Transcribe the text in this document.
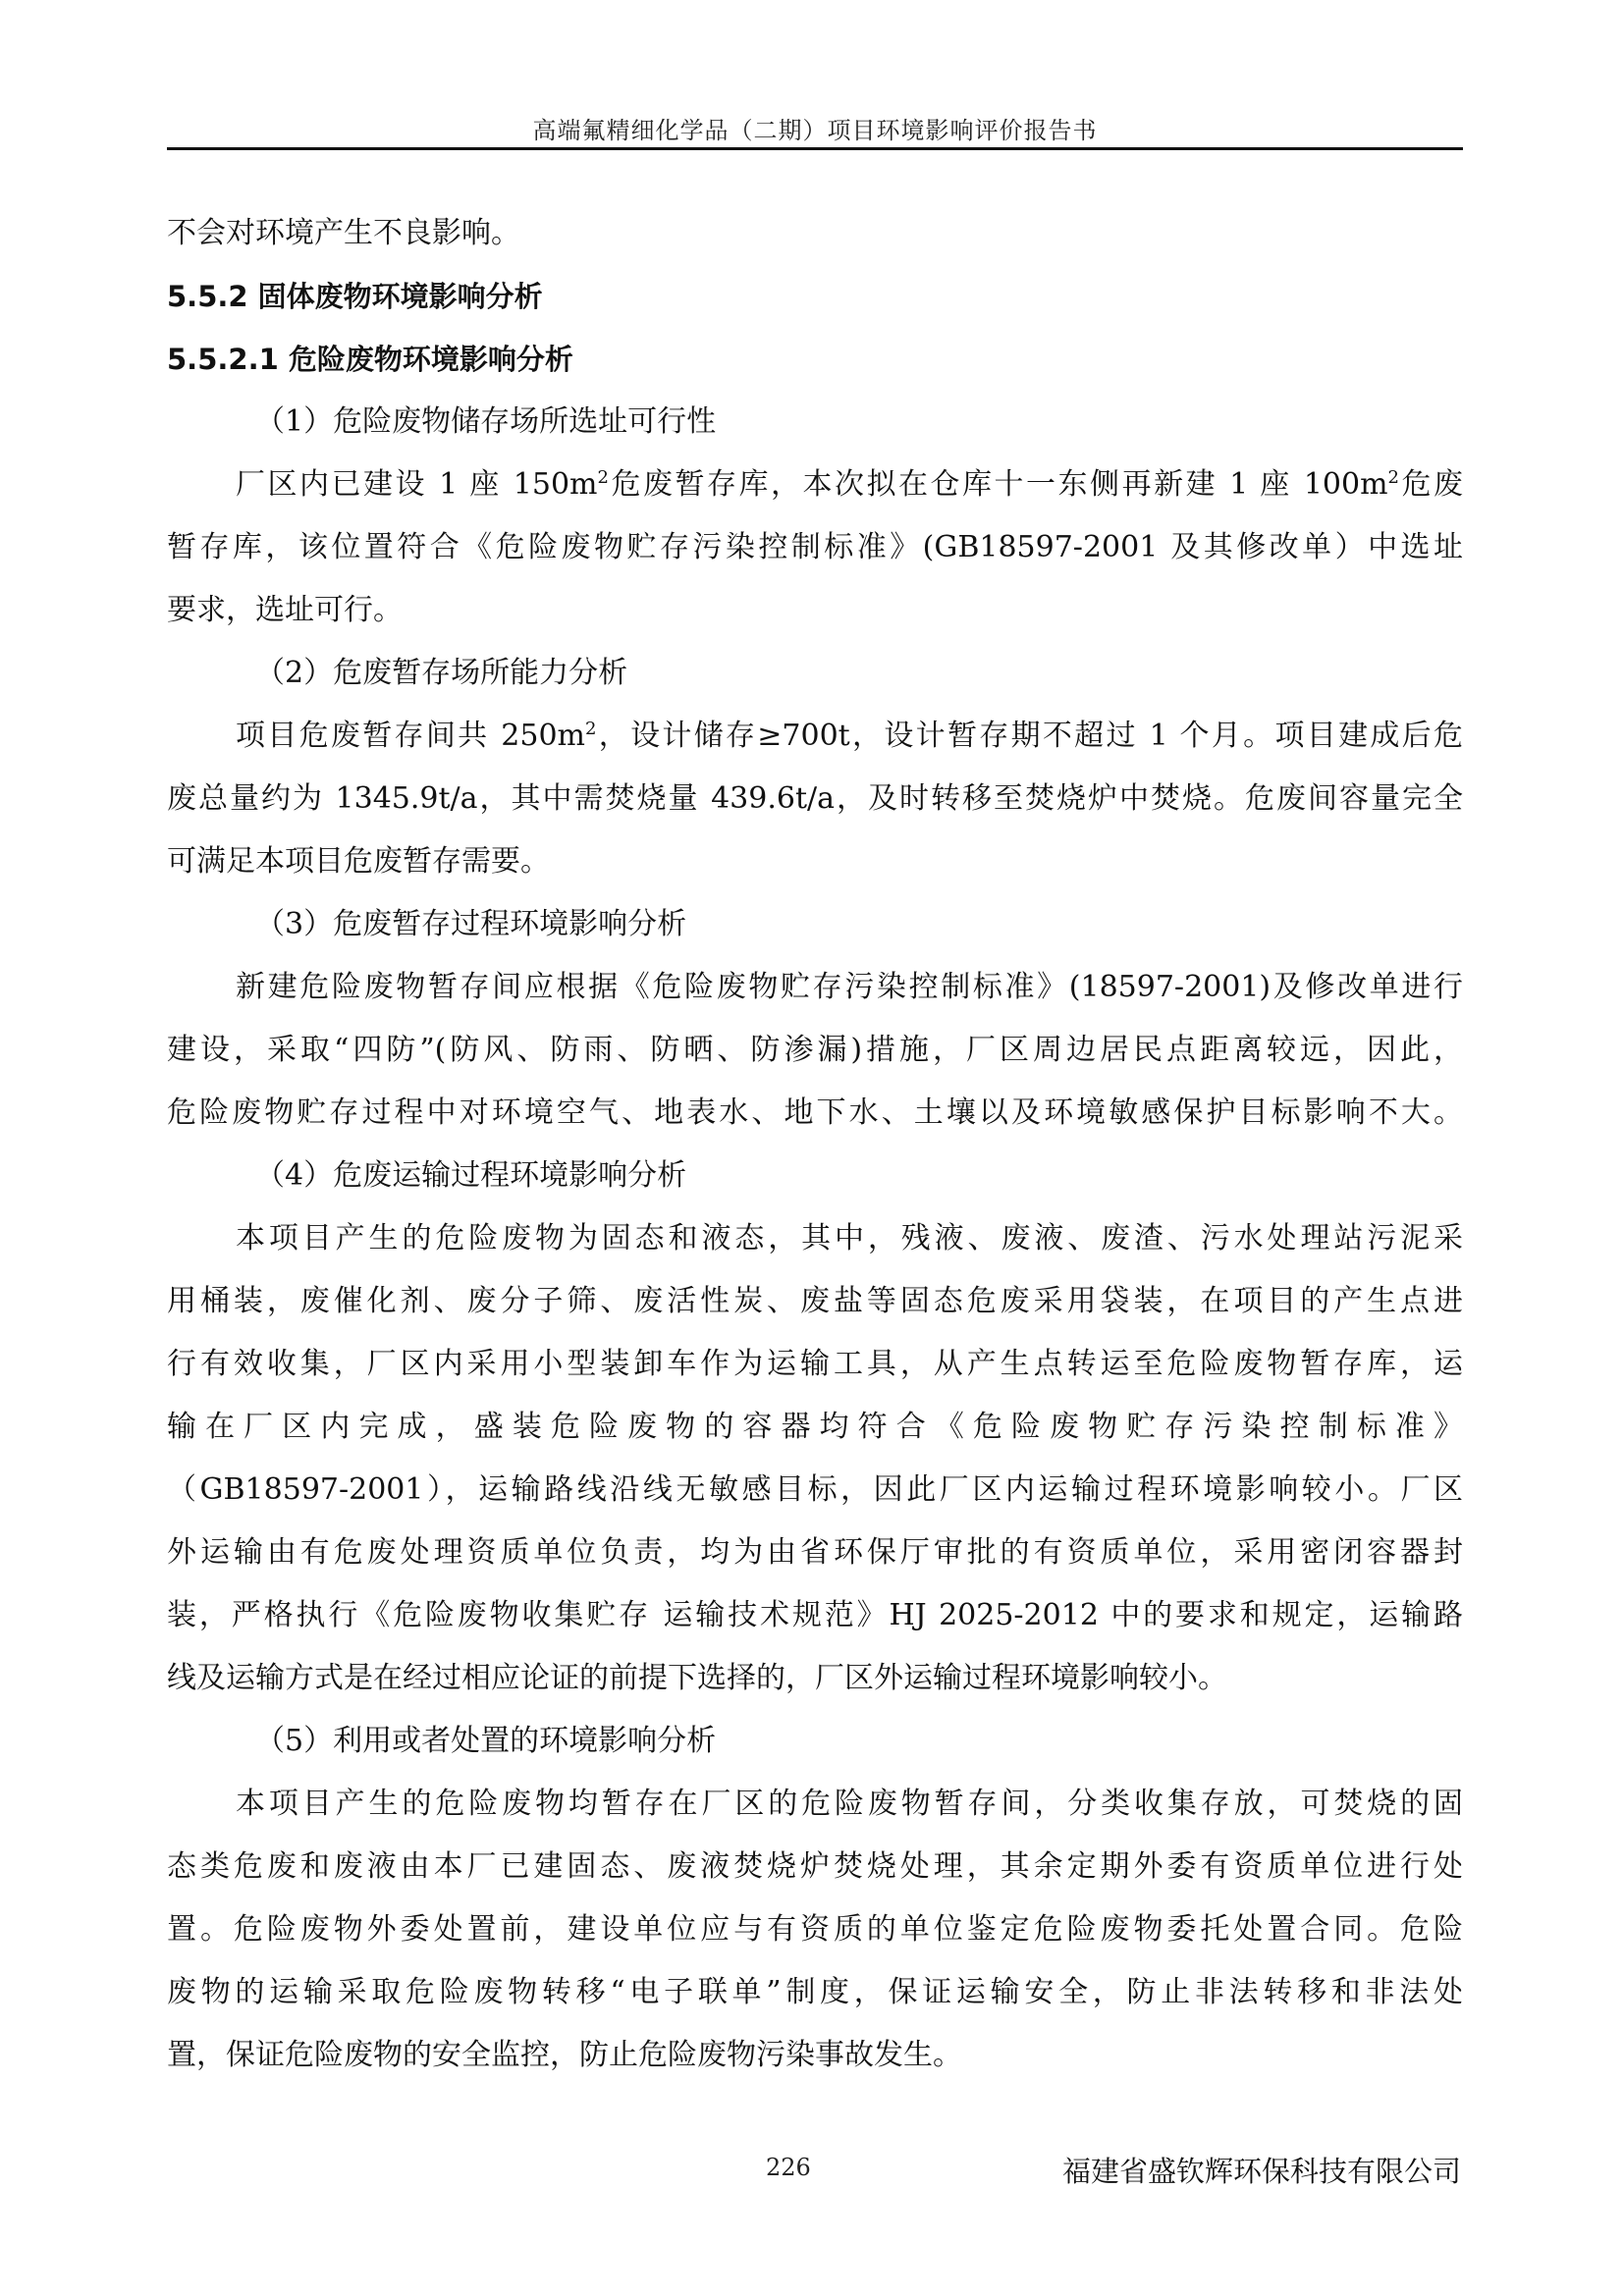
高端氟精细化学品（二期）项目环境影响评价报告书
不会对环境产生不良影响。
5.5.2 固体废物环境影响分析
5.5.2.1 危险废物环境影响分析
（1）危险废物储存场所选址可行性
厂区内已建设 1 座 $150m^2$危废暂存库，本次拟在仓库十一东侧再新建 1 座 $100m^2$危废
暂存库，该位置符合《危险废物贮存污染控制标准》(GB18597-2001 及其修改单）中选址
要求，选址可行。
（2）危废暂存场所能力分析
项目危废暂存间共 $250m^2$，设计储存≥700t，设计暂存期不超过 1 个月。项目建成后危
废总量约为 1345.9t/a，其中需焚烧量 439.6t/a，及时转移至焚烧炉中焚烧。危废间容量完全
可满足本项目危废暂存需要。
（3）危废暂存过程环境影响分析
新建危险废物暂存间应根据《危险废物贮存污染控制标准》(18597-2001)及修改单进行
建设，采取“四防”(防风、防雨、防晒、防渗漏)措施，厂区周边居民点距离较远，因此，
危险废物贮存过程中对环境空气、地表水、地下水、土壤以及环境敏感保护目标影响不大。
（4）危废运输过程环境影响分析
本项目产生的危险废物为固态和液态，其中，残液、废液、废渣、污水处理站污泥采
用桶装，废催化剂、废分子筛、废活性炭、废盐等固态危废采用袋装，在项目的产生点进
行有效收集，厂区内采用小型装卸车作为运输工具，从产生点转运至危险废物暂存库，运
输在厂区内完成，盛装危险废物的容器均符合《危险废物贮存污染控制标准》
（GB18597-2001），运输路线沿线无敏感目标，因此厂区内运输过程环境影响较小。厂区
外运输由有危废处理资质单位负责，均为由省环保厅审批的有资质单位，采用密闭容器封
装，严格执行《危险废物收集贮存 运输技术规范》HJ 2025-2012 中的要求和规定，运输路
线及运输方式是在经过相应论证的前提下选择的，厂区外运输过程环境影响较小。
（5）利用或者处置的环境影响分析
本项目产生的危险废物均暂存在厂区的危险废物暂存间，分类收集存放，可焚烧的固
态类危废和废液由本厂已建固态、废液焚烧炉焚烧处理，其余定期外委有资质单位进行处
置。危险废物外委处置前，建设单位应与有资质的单位鉴定危险废物委托处置合同。危险
废物的运输采取危险废物转移“电子联单”制度，保证运输安全，防止非法转移和非法处
置，保证危险废物的安全监控，防止危险废物污染事故发生。
226	福建省盛钦辉环保科技有限公司
